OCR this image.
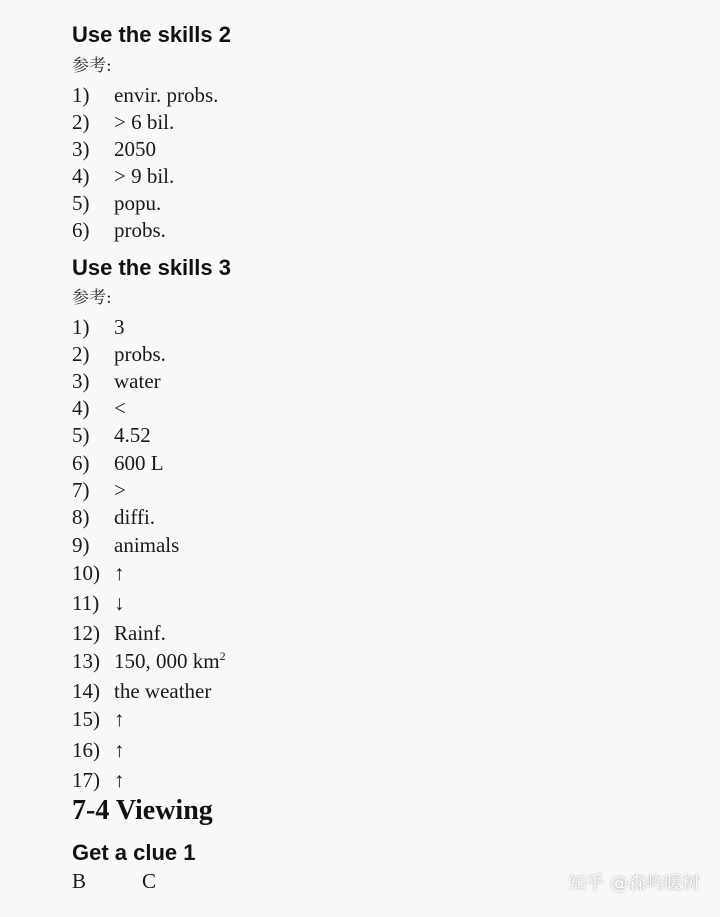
Use the skills 2
参考:
1) envir. probs.
2) > 6 bil.
3) 2050
4) > 9 bil.
5) popu.
6) probs.
Use the skills 3
参考:
1) 3
2) probs.
3) water
4) <
5) 4.52
6) 600 L
7) >
8) diffi.
9) animals
10) ↑
11) ↓
12) Rainf.
13) 150, 000 $km^2$
14) the weather
15) ↑
16) ↑
17) ↑
7-4 Viewing
Get a clue 1
B	C	知乎 @森屿暖树
